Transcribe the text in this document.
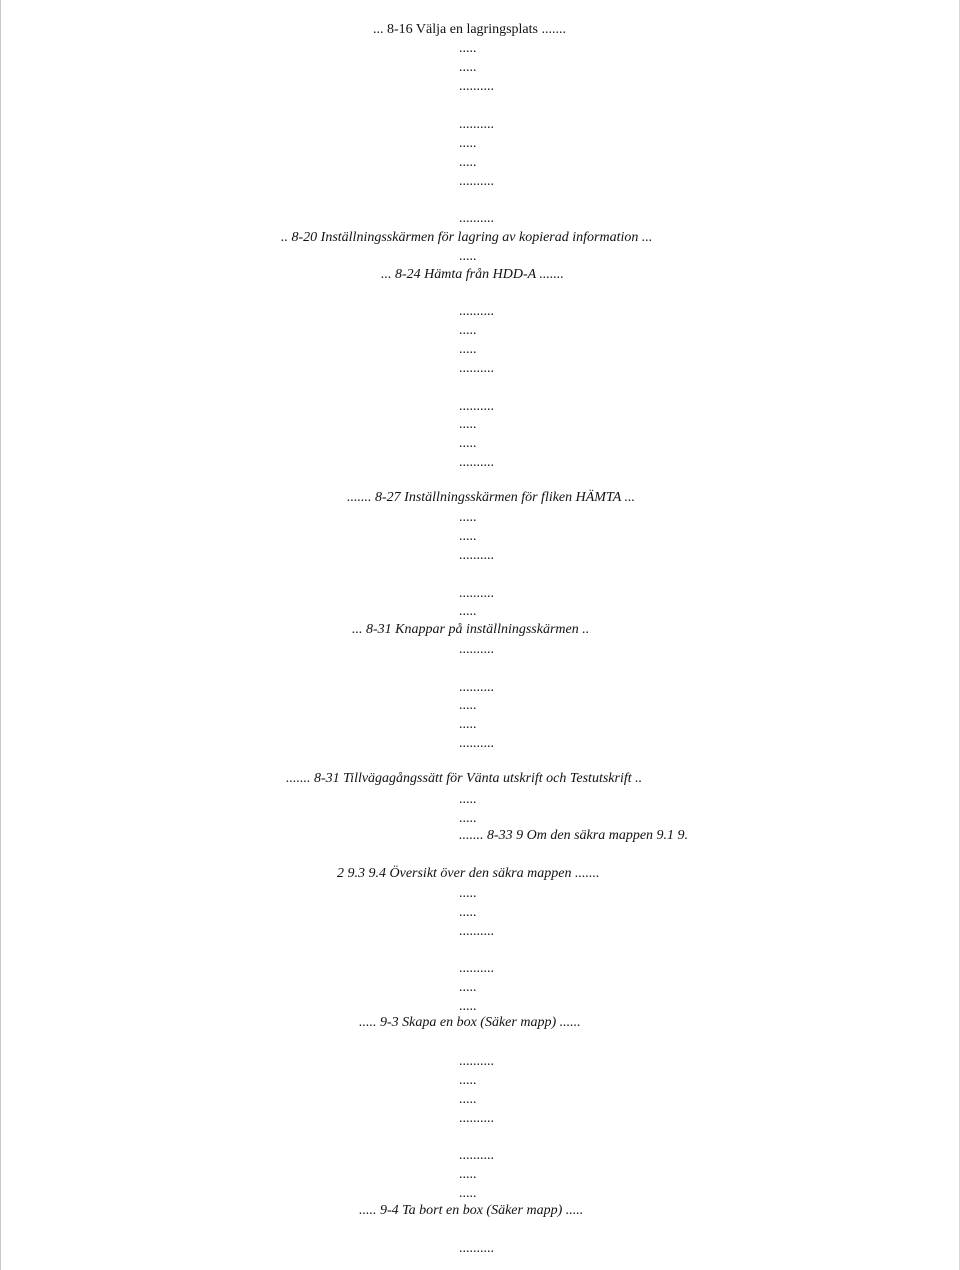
... 8-16 Välja en lagringsplats .......
.....
.....
..........
..........
.....
.....
..........
..........
.. 8-20 Inställningsskärmen för lagring av kopierad information ...
.....
... 8-24 Hämta från HDD-A .......
..........
.....
.....
..........
..........
.....
.....
..........
....... 8-27 Inställningsskärmen för fliken HÄMTA ...
.....
.....
..........
..........
.....
... 8-31 Knappar på inställningsskärmen ..
..........
..........
.....
.....
..........
....... 8-31 Tillvägagångssätt för Vänta utskrift och Testutskrift ..
.....
.....
....... 8-33 9 Om den säkra mappen 9.1 9.
2 9.3 9.4 Översikt över den säkra mappen .......
.....
.....
..........
..........
.....
.....
..... 9-3 Skapa en box (Säker mapp) ......
..........
.....
.....
..........
..........
.....
.....
..... 9-4 Ta bort en box (Säker mapp) .....
..........
